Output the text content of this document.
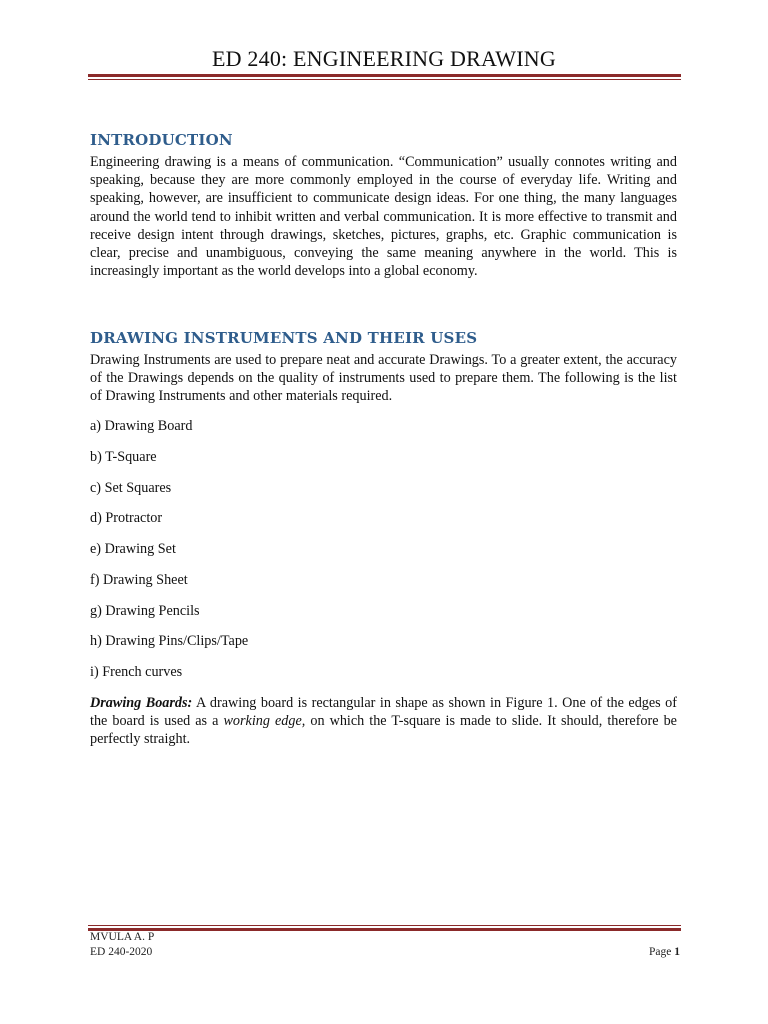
ED 240: ENGINEERING DRAWING
INTRODUCTION
Engineering drawing is a means of communication. “Communication” usually connotes writing and speaking, because they are more commonly employed in the course of everyday life. Writing and speaking, however, are insufficient to communicate design ideas. For one thing, the many languages around the world tend to inhibit written and verbal communication. It is more effective to transmit and receive design intent through drawings, sketches, pictures, graphs, etc. Graphic communication is clear, precise and unambiguous, conveying the same meaning anywhere in the world. This is increasingly important as the world develops into a global economy.
DRAWING INSTRUMENTS AND THEIR USES
Drawing Instruments are used to prepare neat and accurate Drawings. To a greater extent, the accuracy of the Drawings depends on the quality of instruments used to prepare them. The following is the list of Drawing Instruments and other materials required.
a) Drawing Board
b) T-Square
c) Set Squares
d) Protractor
e) Drawing Set
f) Drawing Sheet
g) Drawing Pencils
h) Drawing Pins/Clips/Tape
i) French curves
Drawing Boards: A drawing board is rectangular in shape as shown in Figure 1. One of the edges of the board is used as a working edge, on which the T-square is made to slide. It should, therefore be perfectly straight.
MVULA A. P
ED 240-2020	Page 1
